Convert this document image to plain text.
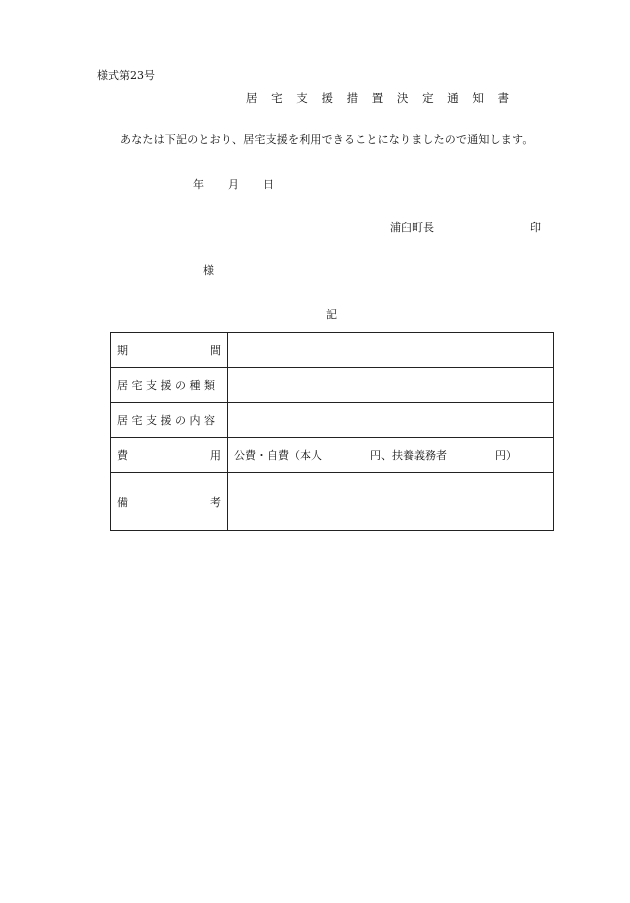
様式第23号
居 宅 支 援 措 置 決 定 通 知 書
あなたは下記のとおり、居宅支援を利用できることになりましたので通知します。
年 月 日
浦臼町長	印
様
記
期 間	

居 宅 支 援 の 種 類	
居 宅 支 援 の 内 容	

費 用	公費・自費（本人 円、扶養義務者 円）

備 考	
